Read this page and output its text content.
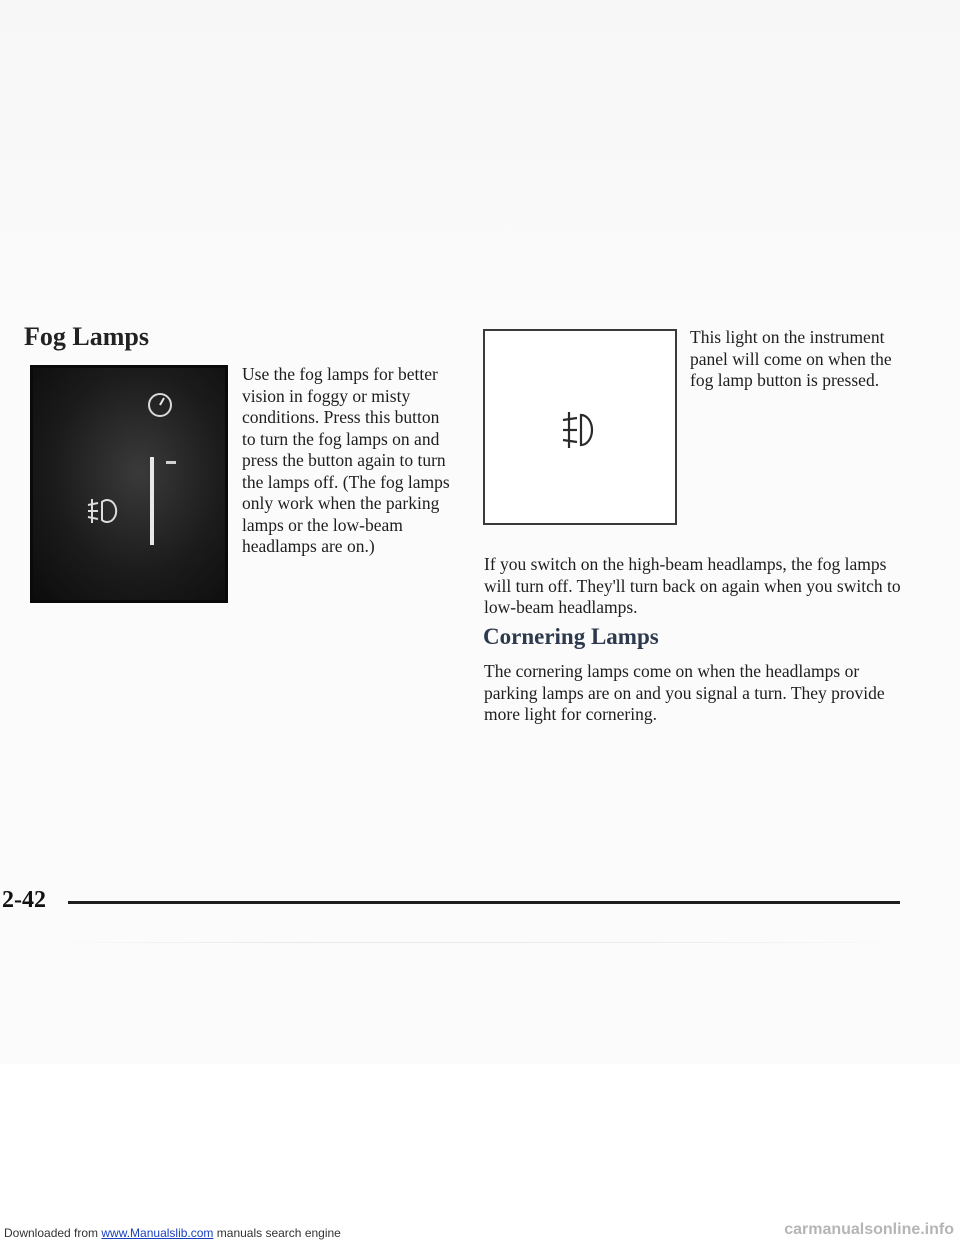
Fog Lamps

Use the fog lamps for better vision in foggy or misty conditions. Press this button to turn the fog lamps on and press the button again to turn the lamps off. (The fog lamps only work when the parking lamps or the low-beam headlamps are on.)

This light on the instrument panel will come on when the fog lamp button is pressed.

If you switch on the high-beam headlamps, the fog lamps will turn off. They'll turn back on again when you switch to low-beam headlamps.

Cornering Lamps

The cornering lamps come on when the headlamps or parking lamps are on and you signal a turn. They provide more light for cornering.

2-42

Downloaded from www.Manualslib.com manuals search engine	carmanualsonline.info
